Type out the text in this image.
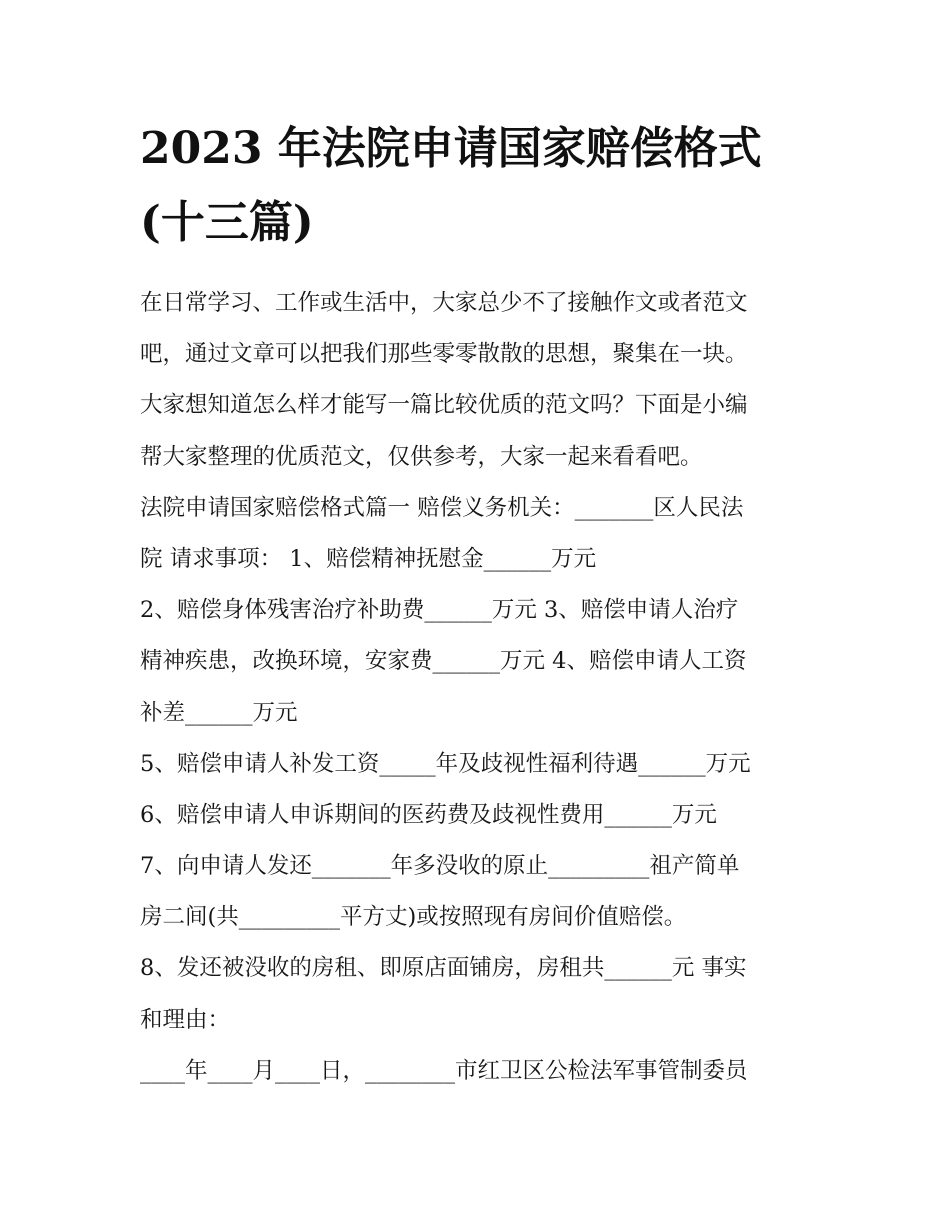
2023 年法院申请国家赔偿格式
(十三篇)
在日常学习、工作或生活中，大家总少不了接触作文或者范文
吧，通过文章可以把我们那些零零散散的思想，聚集在一块。
大家想知道怎么样才能写一篇比较优质的范文吗？下面是小编
帮大家整理的优质范文，仅供参考，大家一起来看看吧。
法院申请国家赔偿格式篇一 赔偿义务机关：_______区人民法
院 请求事项： 1、赔偿精神抚慰金______万元
2、赔偿身体残害治疗补助费______万元 3、赔偿申请人治疗
精神疾患，改换环境，安家费______万元 4、赔偿申请人工资
补差______万元
5、赔偿申请人补发工资_____年及歧视性福利待遇______万元
6、赔偿申请人申诉期间的医药费及歧视性费用______万元
7、向申请人发还_______年多没收的原止_________祖产简单
房二间(共_________平方丈)或按照现有房间价值赔偿。
8、发还被没收的房租、即原店面铺房，房租共______元 事实
和理由：
____年____月____日，________市红卫区公检法军事管制委员
